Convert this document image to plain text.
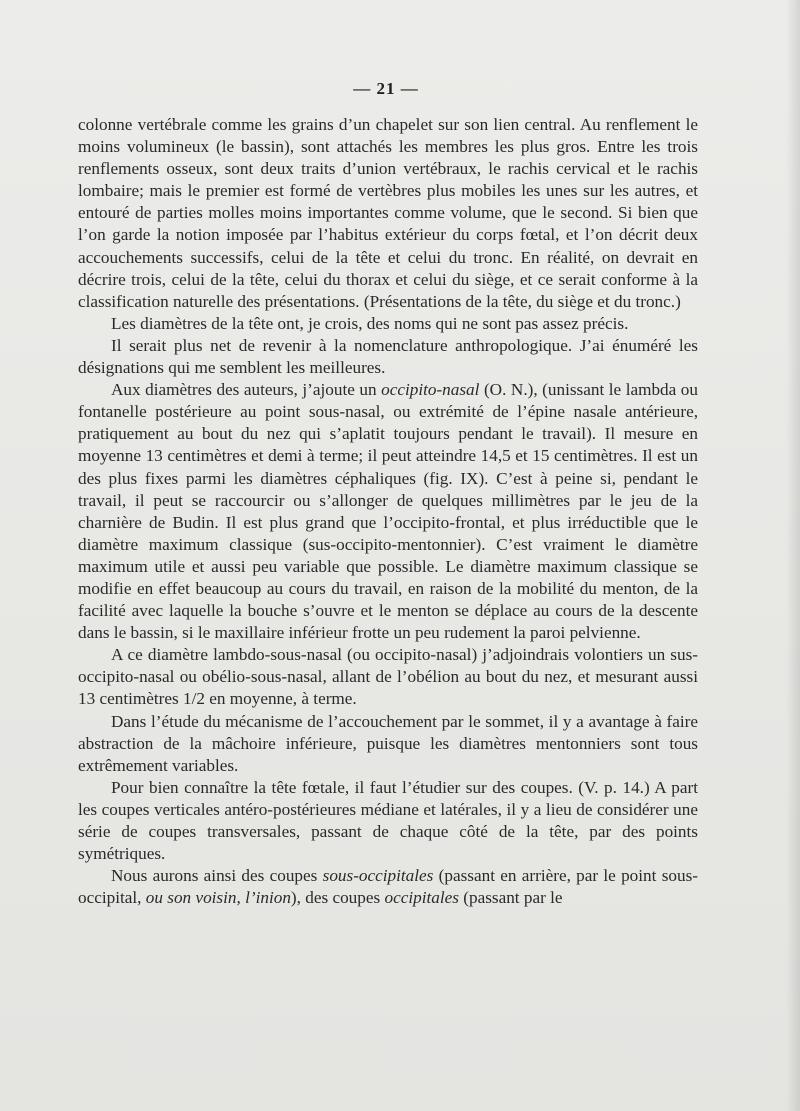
— 21 —

colonne vertébrale comme les grains d’un chapelet sur son lien central. Au renflement le moins volumineux (le bassin), sont attachés les membres les plus gros. Entre les trois renflements osseux, sont deux traits d’union vertébraux, le rachis cervical et le rachis lombaire; mais le premier est formé de vertèbres plus mobiles les unes sur les autres, et entouré de parties molles moins importantes comme volume, que le second. Si bien que l’on garde la notion imposée par l’habitus extérieur du corps fœtal, et l’on décrit deux accouchements successifs, celui de la tête et celui du tronc. En réalité, on devrait en décrire trois, celui de la tête, celui du thorax et celui du siège, et ce serait conforme à la classification naturelle des présentations. (Présentations de la tête, du siège et du tronc.)

Les diamètres de la tête ont, je crois, des noms qui ne sont pas assez précis.

Il serait plus net de revenir à la nomenclature anthropologique. J’ai énuméré les désignations qui me semblent les meilleures.

Aux diamètres des auteurs, j’ajoute un occipito-nasal (O. N.), (unissant le lambda ou fontanelle postérieure au point sous-nasal, ou extrémité de l’épine nasale antérieure, pratiquement au bout du nez qui s’aplatit toujours pendant le travail). Il mesure en moyenne 13 centimètres et demi à terme; il peut atteindre 14,5 et 15 centimètres. Il est un des plus fixes parmi les diamètres céphaliques (fig. IX). C’est à peine si, pendant le travail, il peut se raccourcir ou s’allonger de quelques millimètres par le jeu de la charnière de Budin. Il est plus grand que l’occipito-frontal, et plus irréductible que le diamètre maximum classique (sus-occipito-mentonnier). C’est vraiment le diamètre maximum utile et aussi peu variable que possible. Le diamètre maximum classique se modifie en effet beaucoup au cours du travail, en raison de la mobilité du menton, de la facilité avec laquelle la bouche s’ouvre et le menton se déplace au cours de la descente dans le bassin, si le maxillaire inférieur frotte un peu rudement la paroi pelvienne.

A ce diamètre lambdo-sous-nasal (ou occipito-nasal) j’adjoindrais volontiers un sus-occipito-nasal ou obélio-sous-nasal, allant de l’obélion au bout du nez, et mesurant aussi 13 centimètres 1/2 en moyenne, à terme.

Dans l’étude du mécanisme de l’accouchement par le sommet, il y a avantage à faire abstraction de la mâchoire inférieure, puisque les diamètres mentonniers sont tous extrêmement variables.

Pour bien connaître la tête fœtale, il faut l’étudier sur des coupes. (V. p. 14.) A part les coupes verticales antéro-postérieures médiane et latérales, il y a lieu de considérer une série de coupes transversales, passant de chaque côté de la tête, par des points symétriques.

Nous aurons ainsi des coupes sous-occipitales (passant en arrière, par le point sous-occipital, ou son voisin, l’inion), des coupes occipitales (passant par le
